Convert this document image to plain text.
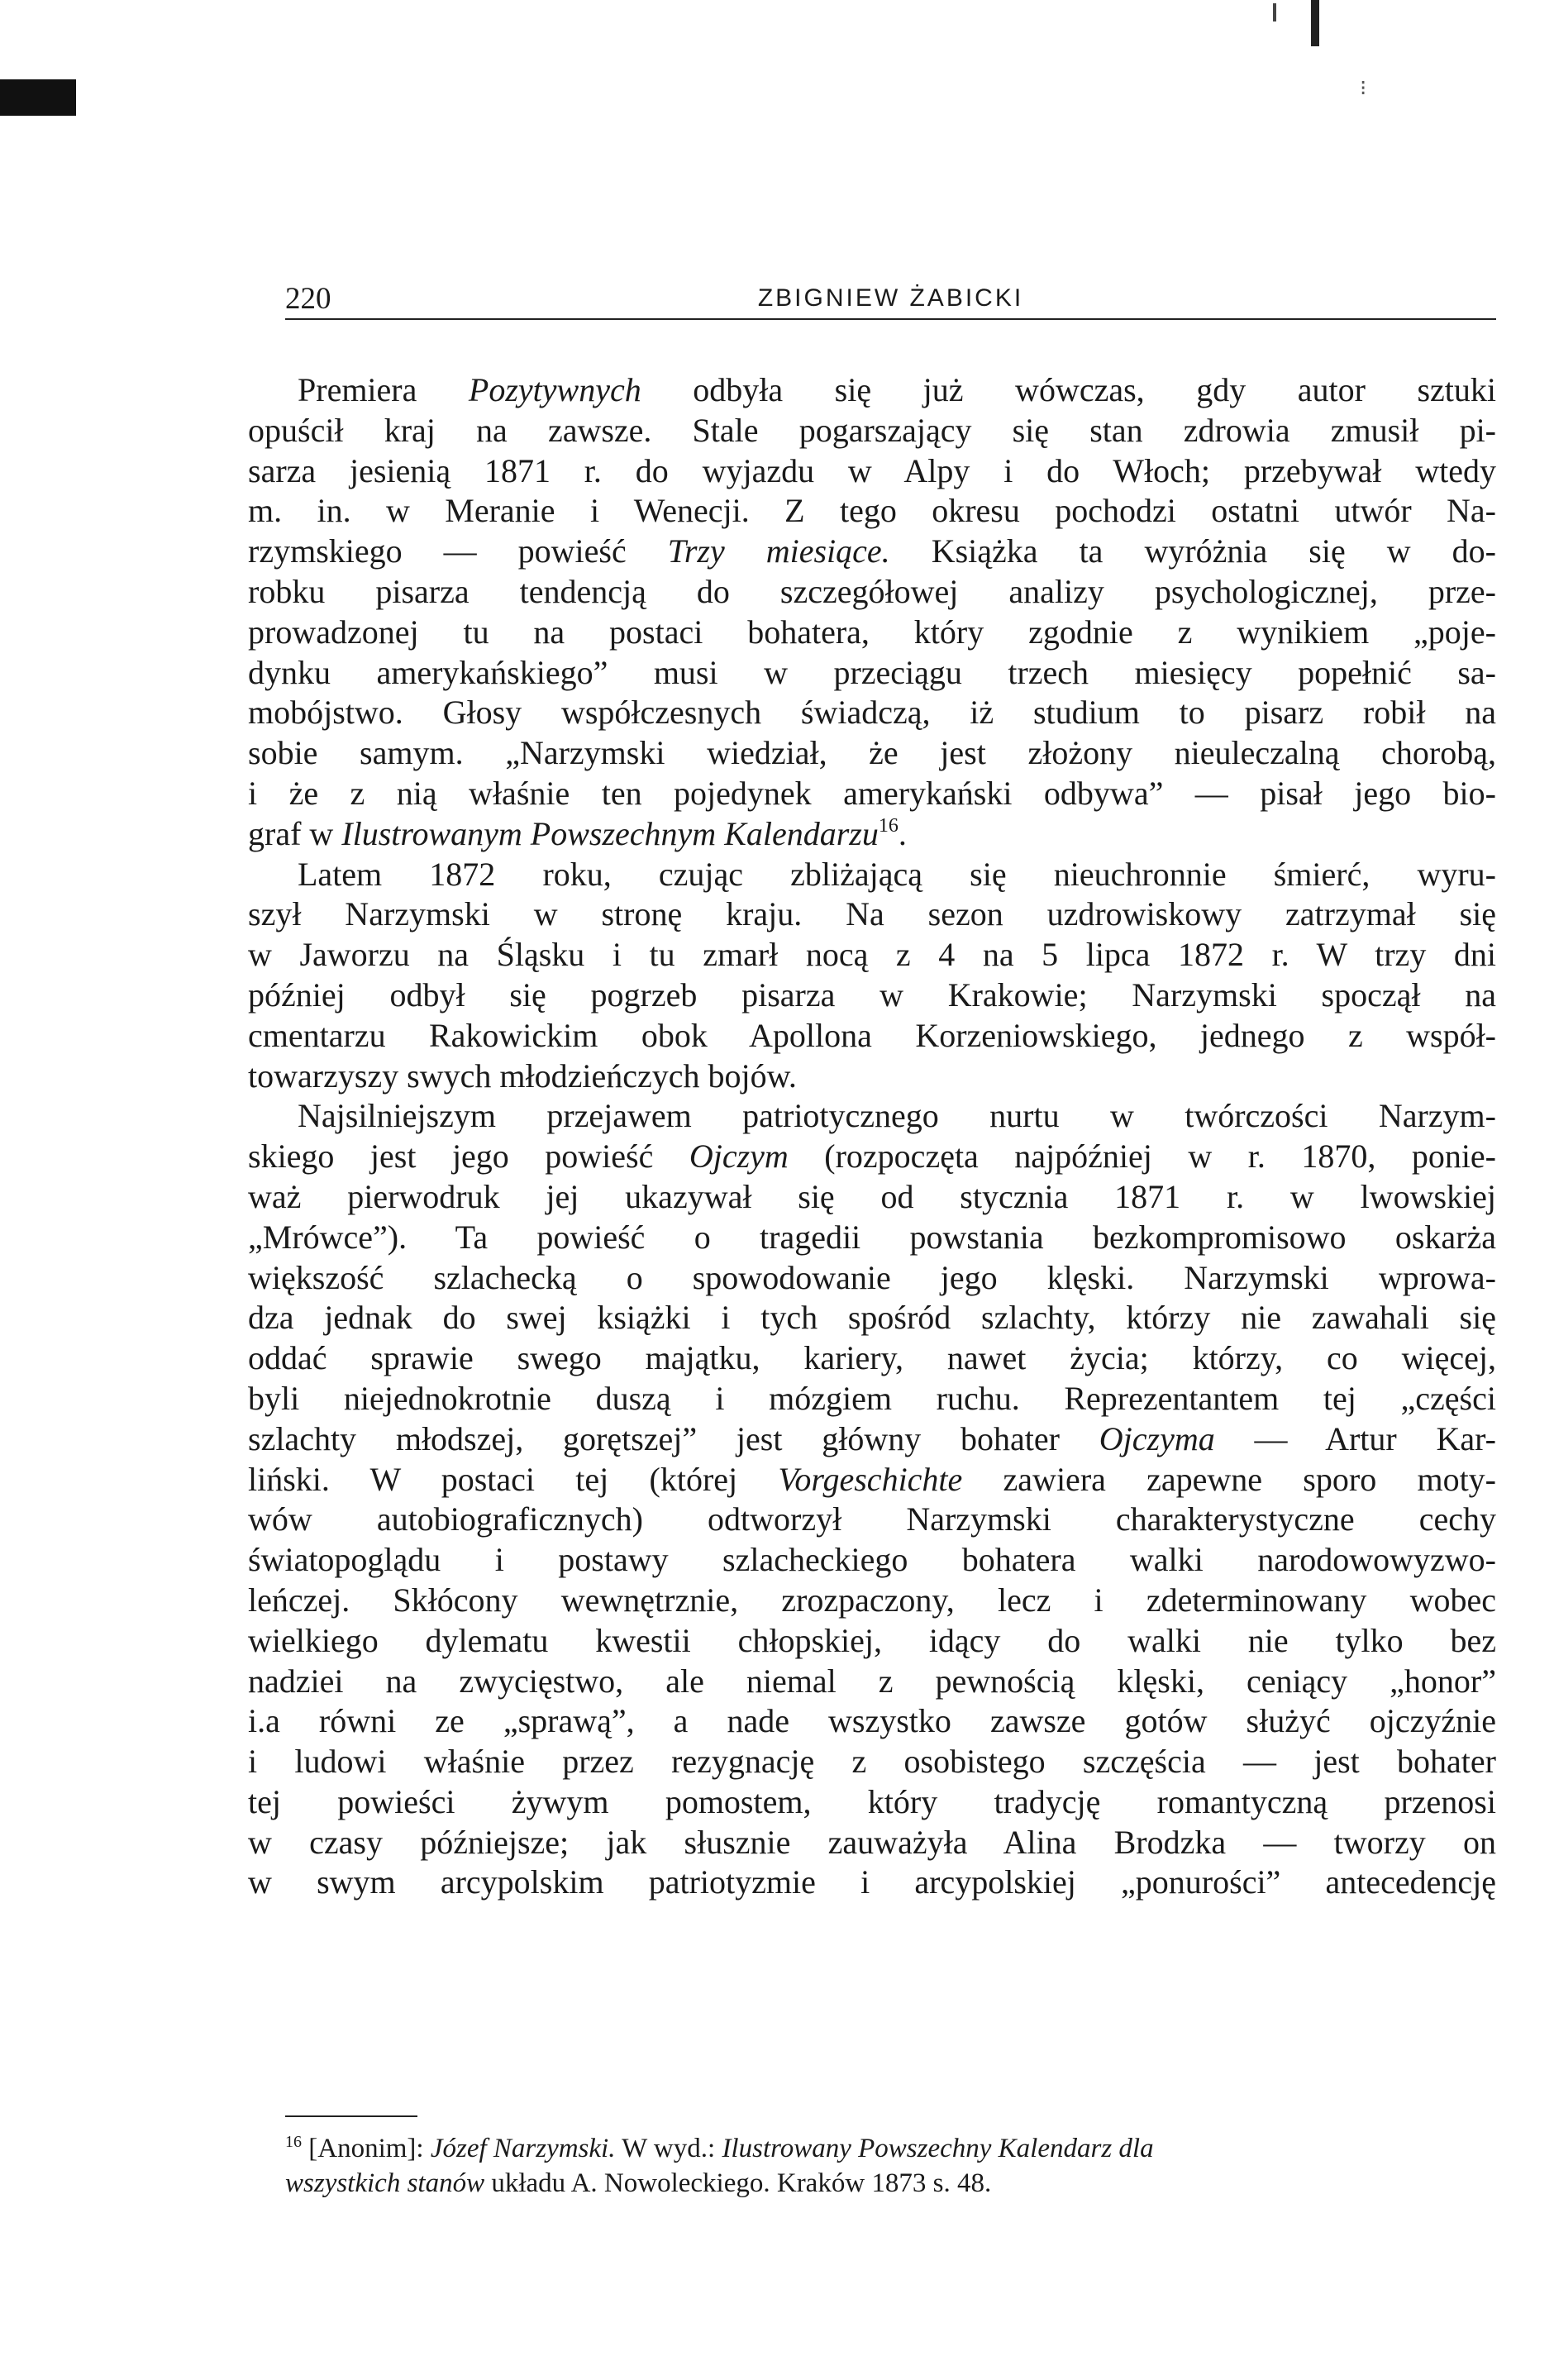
⁝
220	ZBIGNIEW ŻABICKI
Premiera Pozytywnych odbyła się już wówczas, gdy autor sztuki
opuścił kraj na zawsze. Stale pogarszający się stan zdrowia zmusił pi-
sarza jesienią 1871 r. do wyjazdu w Alpy i do Włoch; przebywał wtedy
m. in. w Meranie i Wenecji. Z tego okresu pochodzi ostatni utwór Na-
rzymskiego — powieść Trzy miesiące. Książka ta wyróżnia się w do-
robku pisarza tendencją do szczegółowej analizy psychologicznej, prze-
prowadzonej tu na postaci bohatera, który zgodnie z wynikiem „poje-
dynku amerykańskiego” musi w przeciągu trzech miesięcy popełnić sa-
mobójstwo. Głosy współczesnych świadczą, iż studium to pisarz robił na
sobie samym. „Narzymski wiedział, że jest złożony nieuleczalną chorobą,
i że z nią właśnie ten pojedynek amerykański odbywa” — pisał jego bio-
graf w Ilustrowanym Powszechnym Kalendarzu$^{16}$.
Latem 1872 roku, czując zbliżającą się nieuchronnie śmierć, wyru-
szył Narzymski w stronę kraju. Na sezon uzdrowiskowy zatrzymał się
w Jaworzu na Śląsku i tu zmarł nocą z 4 na 5 lipca 1872 r. W trzy dni
później odbył się pogrzeb pisarza w Krakowie; Narzymski spoczął na
cmentarzu Rakowickim obok Apollona Korzeniowskiego, jednego z współ-
towarzyszy swych młodzieńczych bojów.
Najsilniejszym przejawem patriotycznego nurtu w twórczości Narzym-
skiego jest jego powieść Ojczym (rozpoczęta najpóźniej w r. 1870, ponie-
waż pierwodruk jej ukazywał się od stycznia 1871 r. w lwowskiej
„Mrówce”). Ta powieść o tragedii powstania bezkompromisowo oskarża
większość szlachecką o spowodowanie jego klęski. Narzymski wprowa-
dza jednak do swej książki i tych spośród szlachty, którzy nie zawahali się
oddać sprawie swego majątku, kariery, nawet życia; którzy, co więcej,
byli niejednokrotnie duszą i mózgiem ruchu. Reprezentantem tej „części
szlachty młodszej, gorętszej” jest główny bohater Ojczyma — Artur Kar-
liński. W postaci tej (której Vorgeschichte zawiera zapewne sporo moty-
wów autobiograficznych) odtworzył Narzymski charakterystyczne cechy
światopoglądu i postawy szlacheckiego bohatera walki narodowowyzwo-
leńczej. Skłócony wewnętrznie, zrozpaczony, lecz i zdeterminowany wobec
wielkiego dylematu kwestii chłopskiej, idący do walki nie tylko bez
nadziei na zwycięstwo, ale niemal z pewnością klęski, ceniący „honor”
i.a równi ze „sprawą”, a nade wszystko zawsze gotów służyć ojczyźnie
i ludowi właśnie przez rezygnację z osobistego szczęścia — jest bohater
tej powieści żywym pomostem, który tradycję romantyczną przenosi
w czasy późniejsze; jak słusznie zauważyła Alina Brodzka — tworzy on
w swym arcypolskim patriotyzmie i arcypolskiej „ponurości” antecedencję
$^{16}$ [Anonim]: Józef Narzymski. W wyd.: Ilustrowany Powszechny Kalendarz dla
wszystkich stanów układu A. Nowoleckiego. Kraków 1873 s. 48.
